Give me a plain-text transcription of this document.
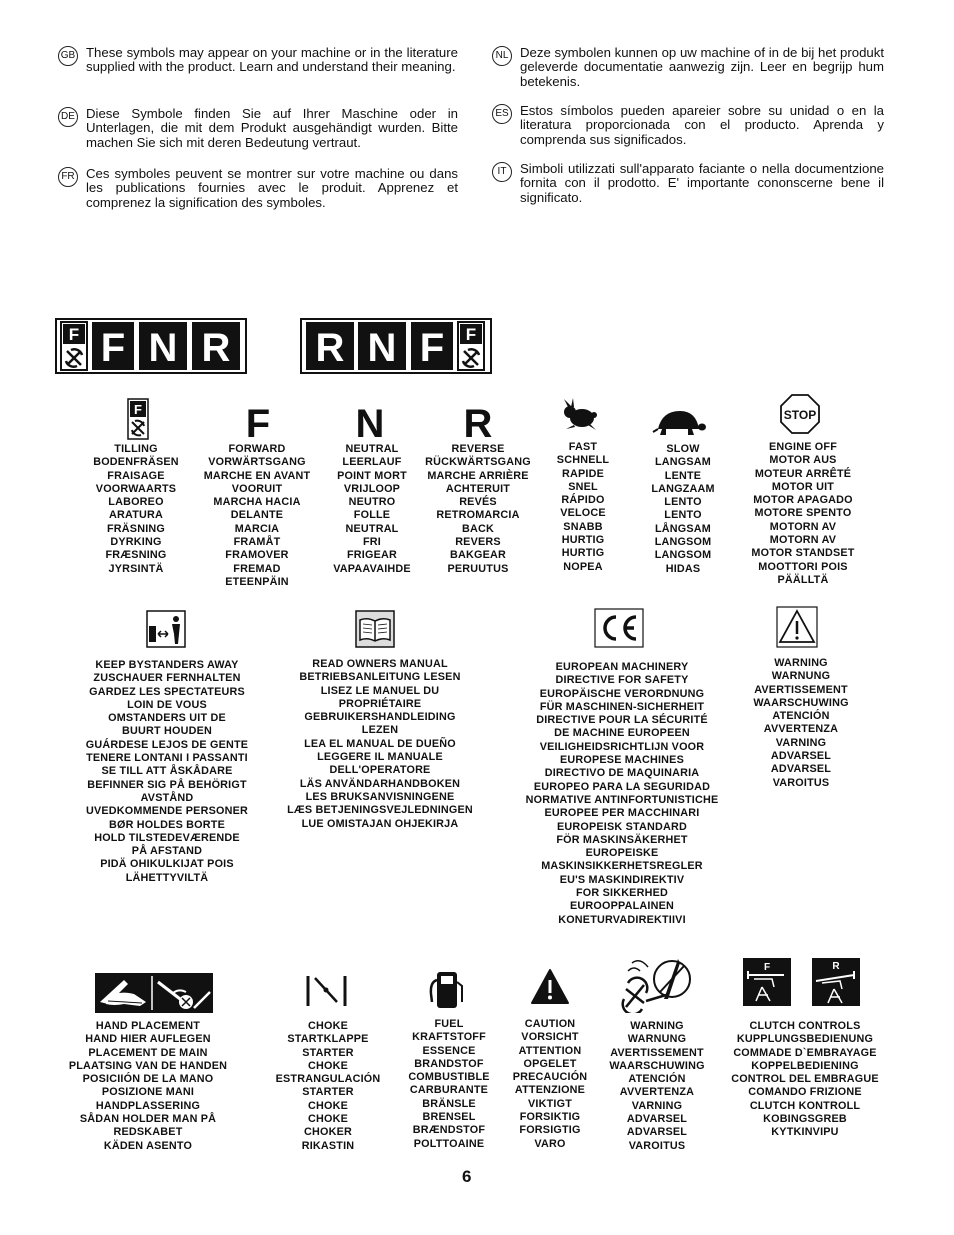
GB These symbols may appear on your machine or in the literature supplied with the product. Learn and understand their meaning.
DE Diese Symbole finden Sie auf Ihrer Maschine oder in Unterlagen, die mit dem Produkt ausgehändigt wurden. Bitte machen Sie sich mit deren Bedeutung vertraut.
FR Ces symboles peuvent se montrer sur votre machine ou dans les publications fournies avec le produit. Apprenez et comprenez la signification des symboles.
NL Deze symbolen kunnen op uw machine of in de bij het produkt geleverde documentatie aanwezig zijn. Leer en begrijp hum betekenis.
ES Estos símbolos pueden apareier sobre su unidad o en la literatura proporcionada con el producto. Aprenda y comprenda sus significados.
IT	Simboli utilizzati sull'apparato faciante o nella documentzione fornita con il prodotto. E' importante cononscerne bene il significato.
F F N R R N F F
F	F N R	STOP
TILLING
BODENFRÄSEN
FRAISAGE
VOORWAARTS
LABOREO
ARATURA
FRÄSNING
DYRKING
FRÆSNING
JYRSINTÄ
FORWARD
VORWÄRTSGANG
MARCHE EN AVANT
VOORUIT
MARCHA HACIA
DELANTE
MARCIA
FRAMÅT
FRAMOVER
FREMAD
ETEENPÄIN
NEUTRAL
LEERLAUF
POINT MORT
VRIJLOOP
NEUTRO
FOLLE
NEUTRAL
FRI
FRIGEAR
VAPAAVAIHDE
REVERSE
RÜCKWÄRTSGANG
MARCHE ARRIÈRE
ACHTERUIT
REVÉS
RETROMARCIA
BACK
REVERS
BAKGEAR
PERUUTUS
FAST
SCHNELL
RAPIDE
SNEL
RÁPIDO
VELOCE
SNABB
HURTIG
HURTIG
NOPEA
SLOW
LANGSAM
LENTE
LANGZAAM
LENTO
LENTO
LÅNGSAM
LANGSOM
LANGSOM
HIDAS
ENGINE OFF
MOTOR AUS
MOTEUR ARRÊTÉ
MOTOR UIT
MOTOR APAGADO
MOTORE SPENTO
MOTORN AV
MOTORN AV
MOTOR STANDSET
MOOTTORI POIS
PÄÄLLTÄ
KEEP BYSTANDERS AWAY
ZUSCHAUER FERNHALTEN
GARDEZ LES SPECTATEURS
LOIN DE VOUS
OMSTANDERS UIT DE
BUURT HOUDEN
GUÁRDESE LEJOS DE GENTE
TENERE LONTANI I PASSANTI
SE TILL ATT ÅSKÅDARE
BEFINNER SIG PÅ BEHÖRIGT
AVSTÅND
UVEDKOMMENDE PERSONER
BØR HOLDES BORTE
HOLD TILSTEDEVÆRENDE
PÅ AFSTAND
PIDÄ OHIKULKIJAT POIS
LÄHETTYVILTÄ
READ OWNERS MANUAL
BETRIEBSANLEITUNG LESEN
LISEZ LE MANUEL DU
PROPRIÉTAIRE
GEBRUIKERSHANDLEIDING
LEZEN
LEA EL MANUAL DE DUEÑO
LEGGERE IL MANUALE
DELL'OPERATORE
LÄS ANVÄNDARHANDBOKEN
LES BRUKSANVISNINGENE
LÆS BETJENINGSVEJLEDNINGEN
LUE OMISTAJAN OHJEKIRJA
EUROPEAN MACHINERY
DIRECTIVE FOR SAFETY
EUROPÄISCHE VERORDNUNG
FÜR MASCHINEN-SICHERHEIT
DIRECTIVE POUR LA SÉCURITÉ
DE MACHINE EUROPEEN
VEILIGHEIDSRICHTLIJN VOOR
EUROPESE MACHINES
DIRECTIVO DE MAQUINARIA
EUROPEO PARA LA SEGURIDAD
NORMATIVE ANTINFORTUNISTICHE
EUROPEE PER MACCHINARI
EUROPEISK STANDARD
FÖR MASKINSÄKERHET
EUROPEISKE
MASKINSIKKERHETSREGLER
EU'S MASKINDIREKTIV
FOR SIKKERHED
EUROOPPALAINEN
KONETURVADIREKTIIVI
WARNING
WARNUNG
AVERTISSEMENT
WAARSCHUWING
ATENCIÓN
AVVERTENZA
VARNING
ADVARSEL
ADVARSEL
VAROITUS
F	R
HAND PLACEMENT
HAND HIER AUFLEGEN
PLACEMENT DE MAIN
PLAATSING VAN DE HANDEN
POSICIIÓN DE LA MANO
POSIZIONE MANI
HANDPLASSERING
SÅDAN HOLDER MAN PÅ
REDSKABET
KÄDEN ASENTO
CHOKE
STARTKLAPPE
STARTER
CHOKE
ESTRANGULACIÓN
STARTER
CHOKE
CHOKE
CHOKER
RIKASTIN
FUEL
KRAFTSTOFF
ESSENCE
BRANDSTOF
COMBUSTIBLE
CARBURANTE
BRÄNSLE
BRENSEL
BRÆNDSTOF
POLTTOAINE
CAUTION
VORSICHT
ATTENTION
OPGELET
PRECAUCIÓN
ATTENZIONE
VIKTIGT
FORSIKTIG
FORSIGTIG
VARO
WARNING
WARNUNG
AVERTISSEMENT
WAARSCHUWING
ATENCIÓN
AVVERTENZA
VARNING
ADVARSEL
ADVARSEL
VAROITUS
CLUTCH CONTROLS
KUPPLUNGSBEDIENUNG
COMMADE D`EMBRAYAGE
KOPPELBEDIENING
CONTROL DEL EMBRAGUE
COMANDO FRIZIONE
CLUTCH KONTROLL
KOBINGSGREB
KYTKINVIPU
6
